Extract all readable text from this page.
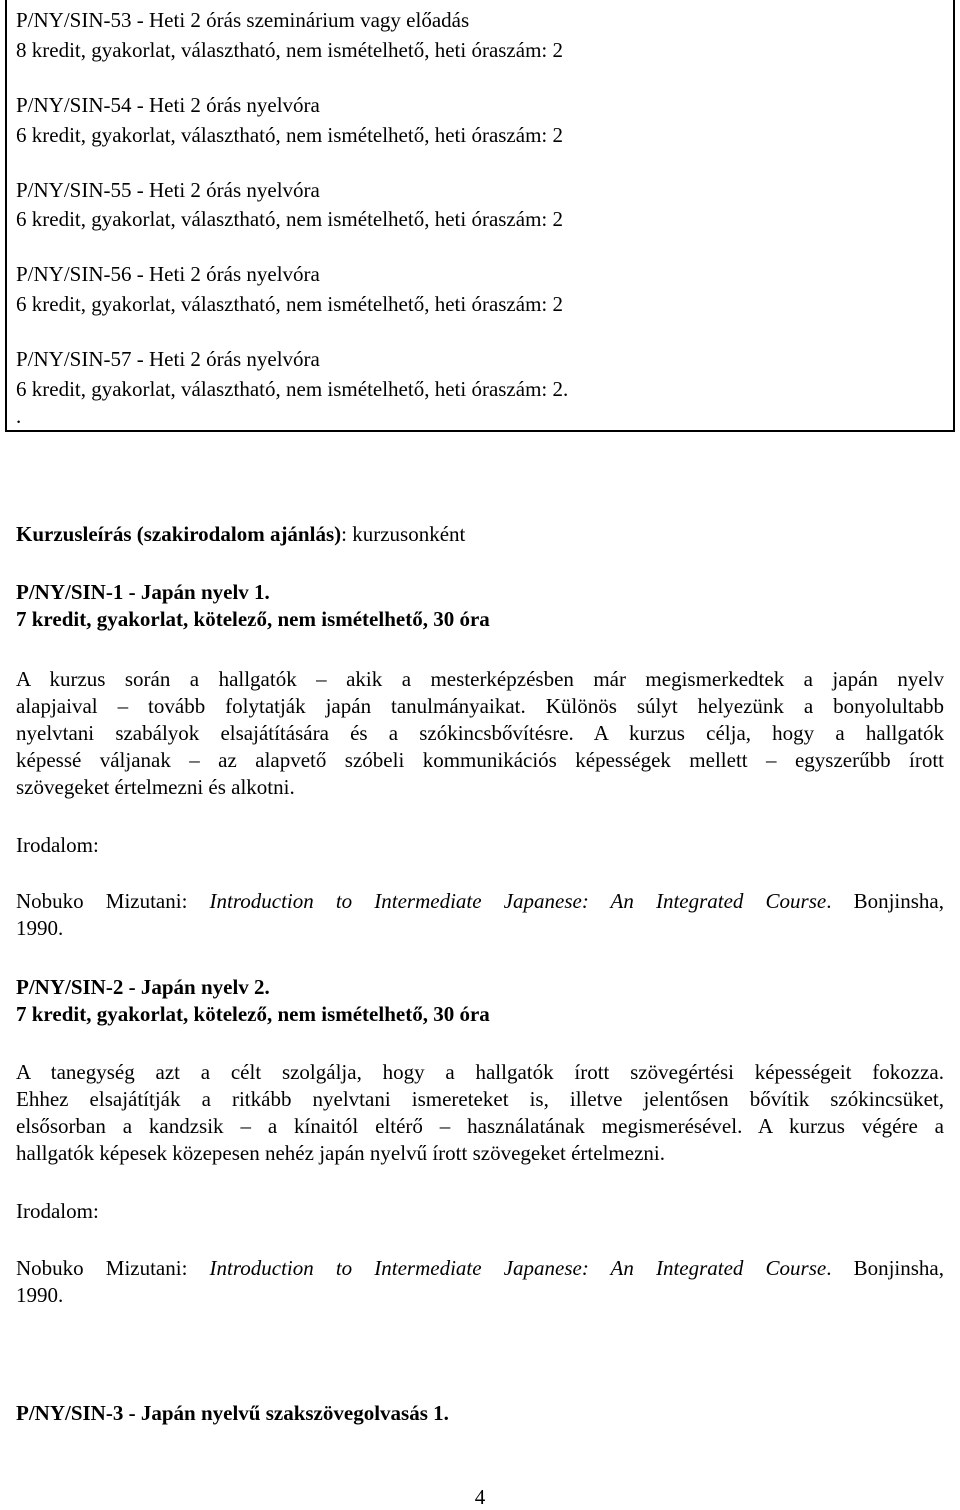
P/NY/SIN-53 - Heti 2 órás szeminárium vagy előadás
8 kredit, gyakorlat, választható, nem ismételhető, heti óraszám: 2
P/NY/SIN-54 - Heti 2 órás nyelvóra
6 kredit, gyakorlat, választható, nem ismételhető, heti óraszám: 2
P/NY/SIN-55 - Heti 2 órás nyelvóra
6 kredit, gyakorlat, választható, nem ismételhető, heti óraszám: 2
P/NY/SIN-56 - Heti 2 órás nyelvóra
6 kredit, gyakorlat, választható, nem ismételhető, heti óraszám: 2
P/NY/SIN-57 - Heti 2 órás nyelvóra
6 kredit, gyakorlat, választható, nem ismételhető, heti óraszám: 2.
.
Kurzusleírás (szakirodalom ajánlás): kurzusonként
P/NY/SIN-1 - Japán nyelv 1.
7 kredit, gyakorlat, kötelező, nem ismételhető, 30 óra
A kurzus során a hallgatók – akik a mesterképzésben már megismerkedtek a japán nyelv
alapjaival – tovább folytatják japán tanulmányaikat. Különös súlyt helyezünk a bonyolultabb
nyelvtani szabályok elsajátítására és a szókincsbővítésre. A kurzus célja, hogy a hallgatók
képessé váljanak – az alapvető szóbeli kommunikációs képességek mellett – egyszerűbb írott
szövegeket értelmezni és alkotni.
Irodalom:
Nobuko Mizutani: Introduction to Intermediate Japanese: An Integrated Course. Bonjinsha,
1990.
P/NY/SIN-2 - Japán nyelv 2.
7 kredit, gyakorlat, kötelező, nem ismételhető, 30 óra
A tanegység azt a célt szolgálja, hogy a hallgatók írott szövegértési képességeit fokozza.
Ehhez elsajátítják a ritkább nyelvtani ismereteket is, illetve jelentősen bővítik szókincsüket,
elsősorban a kandzsik – a kínaitól eltérő – használatának megismerésével. A kurzus végére a
hallgatók képesek közepesen nehéz japán nyelvű írott szövegeket értelmezni.
Irodalom:
Nobuko Mizutani: Introduction to Intermediate Japanese: An Integrated Course. Bonjinsha,
1990.
P/NY/SIN-3 - Japán nyelvű szakszövegolvasás 1.
4
